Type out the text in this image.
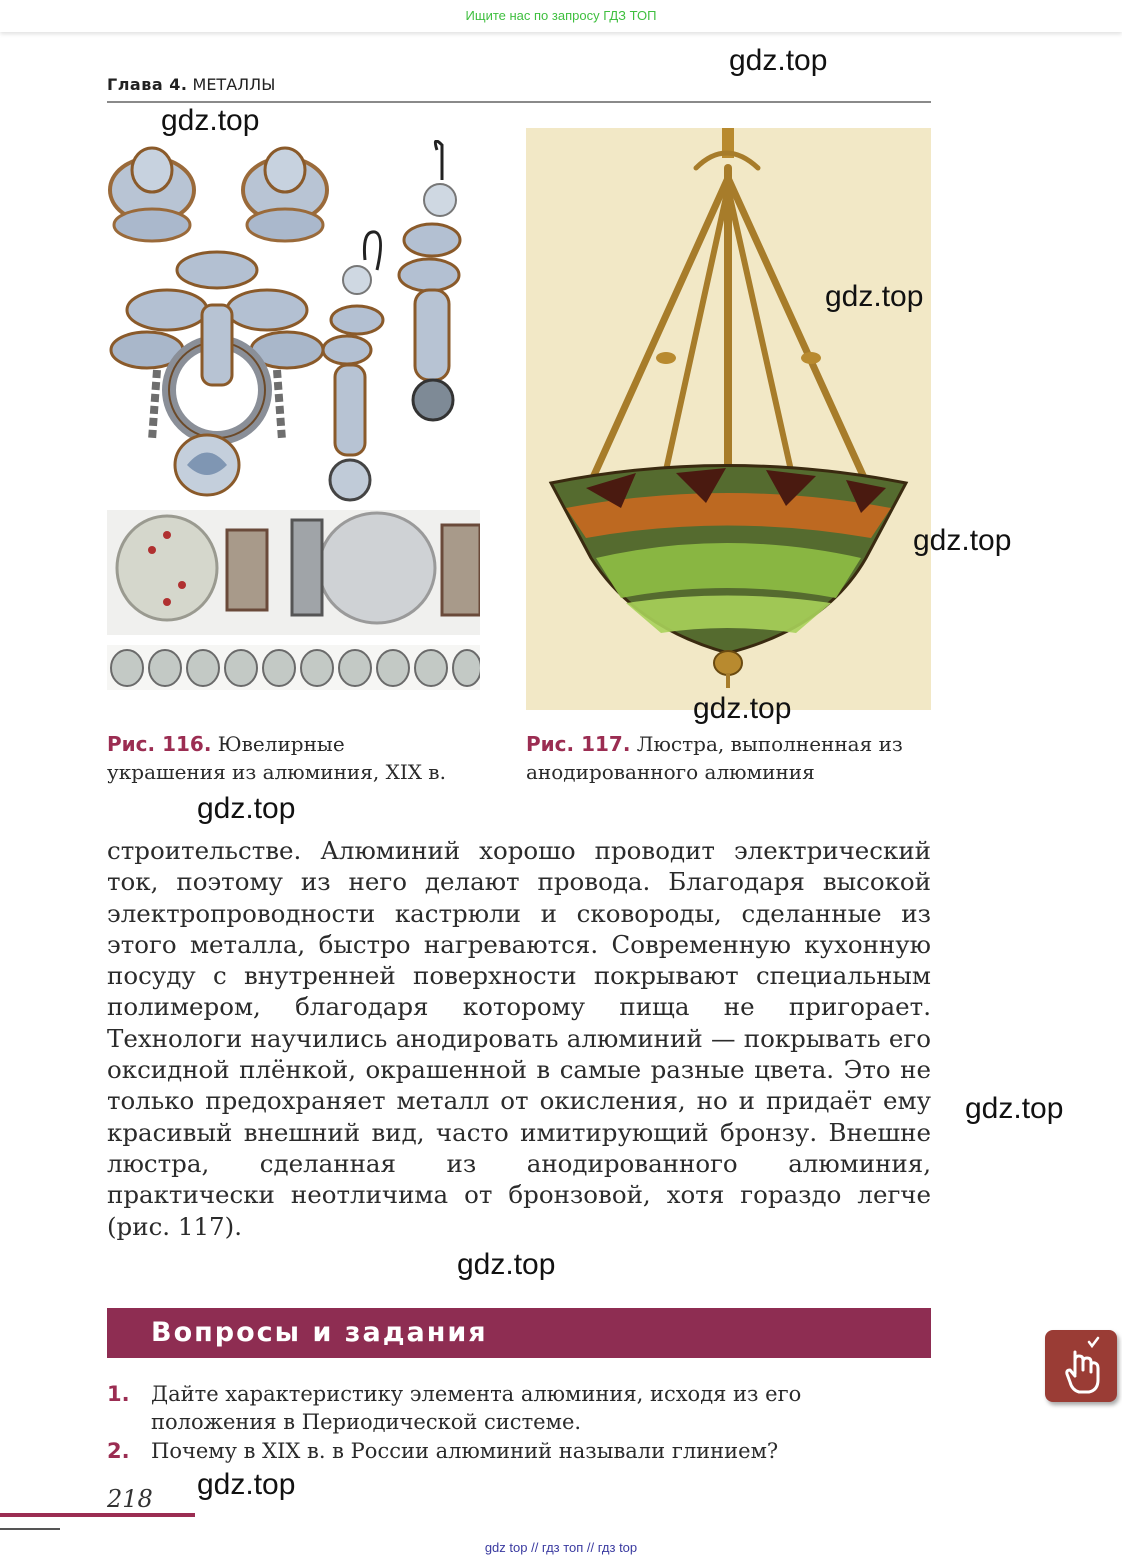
Ищите нас по запросу ГДЗ ТОП
Глава 4. МЕТАЛЛЫ
Рис. 116. Ювелирные украшения из алюминия, XIX в.
Рис. 117. Люстра, выполненная из анодированного алюминия
строительстве. Алюминий хорошо проводит электрический ток, поэтому из него делают провода. Благодаря высокой электропроводности кастрюли и сковороды, сделанные из этого металла, быстро нагреваются. Современную кухонную посуду с внутренней поверхности покрывают специальным полимером, благодаря которому пища не пригорает. Технологи научились анодировать алюминий — покрывать его оксидной плёнкой, окрашенной в самые разные цвета. Это не только предохраняет металл от окисления, но и придаёт ему красивый внешний вид, часто имитирующий бронзу. Внешне люстра, сделанная из анодированного алюминия, практически неотличима от бронзовой, хотя гораздо легче (рис. 117).
Вопросы и задания
1. Дайте характеристику элемента алюминия, исходя из его положения в Периодической системе.
2. Почему в XIX в. в России алюминий называли глинием?
218
gdz.top
gdz.top
gdz.top
gdz.top
gdz.top
gdz.top
gdz.top
gdz.top
gdz.top
gdz top // гдз топ // гдз top
